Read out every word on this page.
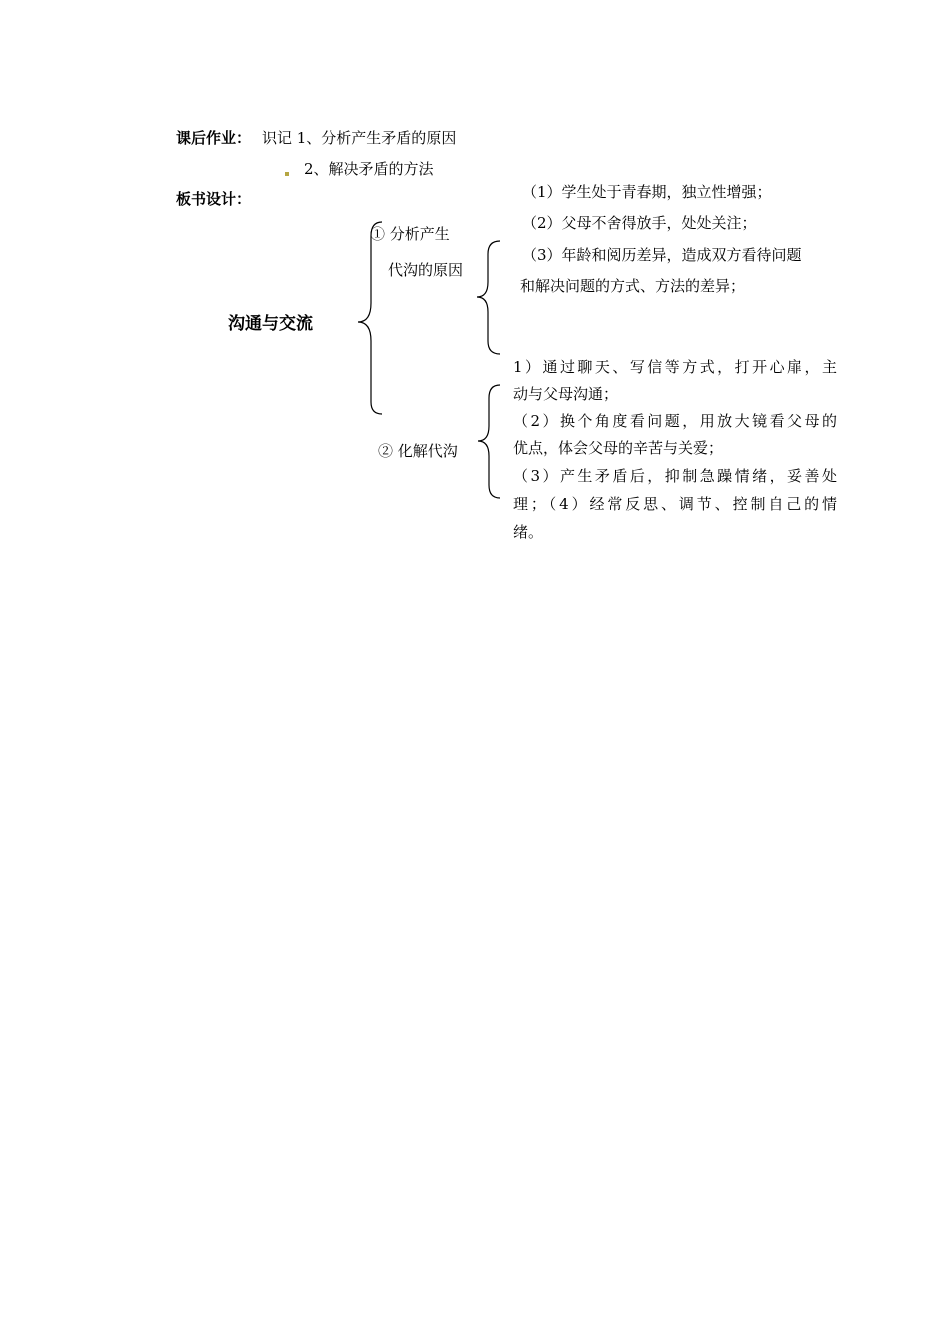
课后作业： 识记 1、分析产生矛盾的原因
2、解决矛盾的方法
板书设计：
沟通与交流
① 分析产生
代沟的原因
（1）学生处于青春期，独立性增强；
（2）父母不舍得放手，处处关注；
（3）年龄和阅历差异，造成双方看待问题
和解决问题的方式、方法的差异；
② 化解代沟
1）通过聊天、写信等方式，打开心扉，主
动与父母沟通；
（2）换个角度看问题，用放大镜看父母的
优点，体会父母的辛苦与关爱；
（3）产生矛盾后，抑制急躁情绪，妥善处
理；（4）经常反思、调节、控制自己的情
绪。
